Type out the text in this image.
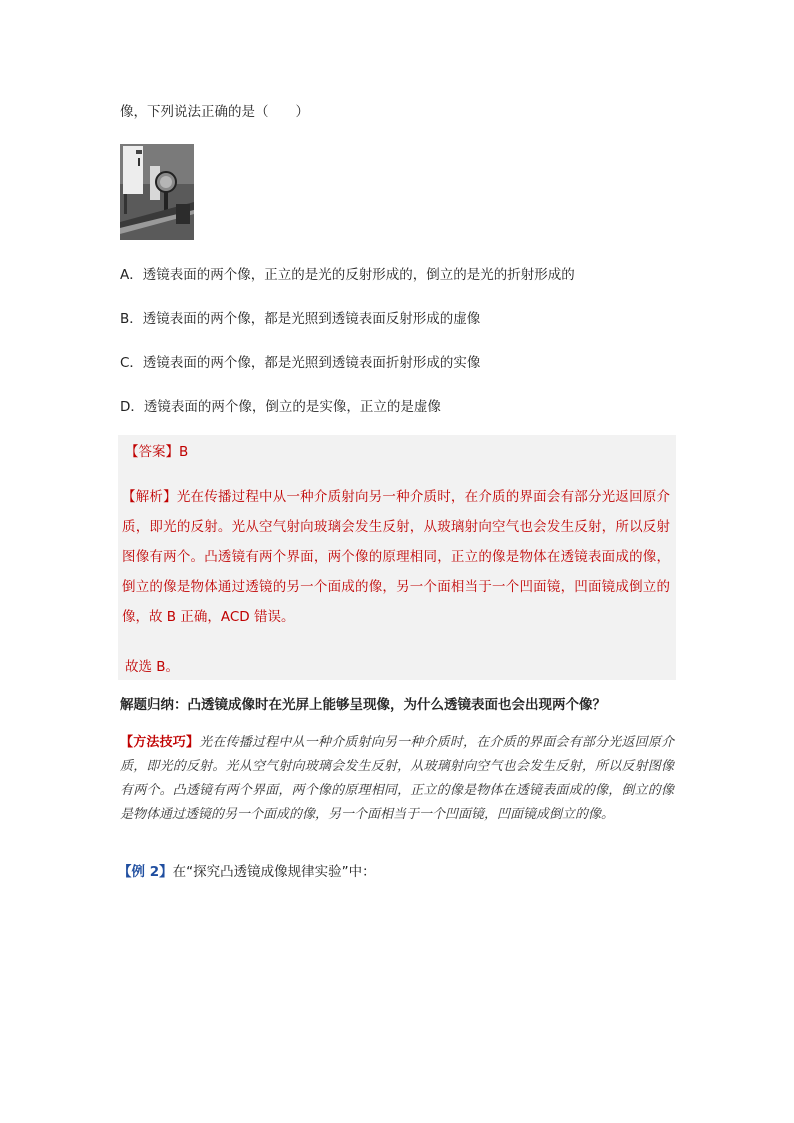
像，下列说法正确的是（　　）
A．透镜表面的两个像，正立的是光的反射形成的，倒立的是光的折射形成的
B．透镜表面的两个像，都是光照到透镜表面反射形成的虚像
C．透镜表面的两个像，都是光照到透镜表面折射形成的实像
D．透镜表面的两个像，倒立的是实像，正立的是虚像
【答案】B
【解析】光在传播过程中从一种介质射向另一种介质时，在介质的界面会有部分光返回原介质，即光的反射。光从空气射向玻璃会发生反射，从玻璃射向空气也会发生反射，所以反射图像有两个。凸透镜有两个界面，两个像的原理相同，正立的像是物体在透镜表面成的像，倒立的像是物体通过透镜的另一个面成的像，另一个面相当于一个凹面镜，凹面镜成倒立的像，故 B 正确，ACD 错误。
故选 B。
解题归纳：凸透镜成像时在光屏上能够呈现像，为什么透镜表面也会出现两个像？
【方法技巧】光在传播过程中从一种介质射向另一种介质时，在介质的界面会有部分光返回原介质，即光的反射。光从空气射向玻璃会发生反射，从玻璃射向空气也会发生反射，所以反射图像有两个。凸透镜有两个界面，两个像的原理相同，正立的像是物体在透镜表面成的像，倒立的像是物体通过透镜的另一个面成的像，另一个面相当于一个凹面镜，凹面镜成倒立的像。
【例 2】在“探究凸透镜成像规律实验”中：
